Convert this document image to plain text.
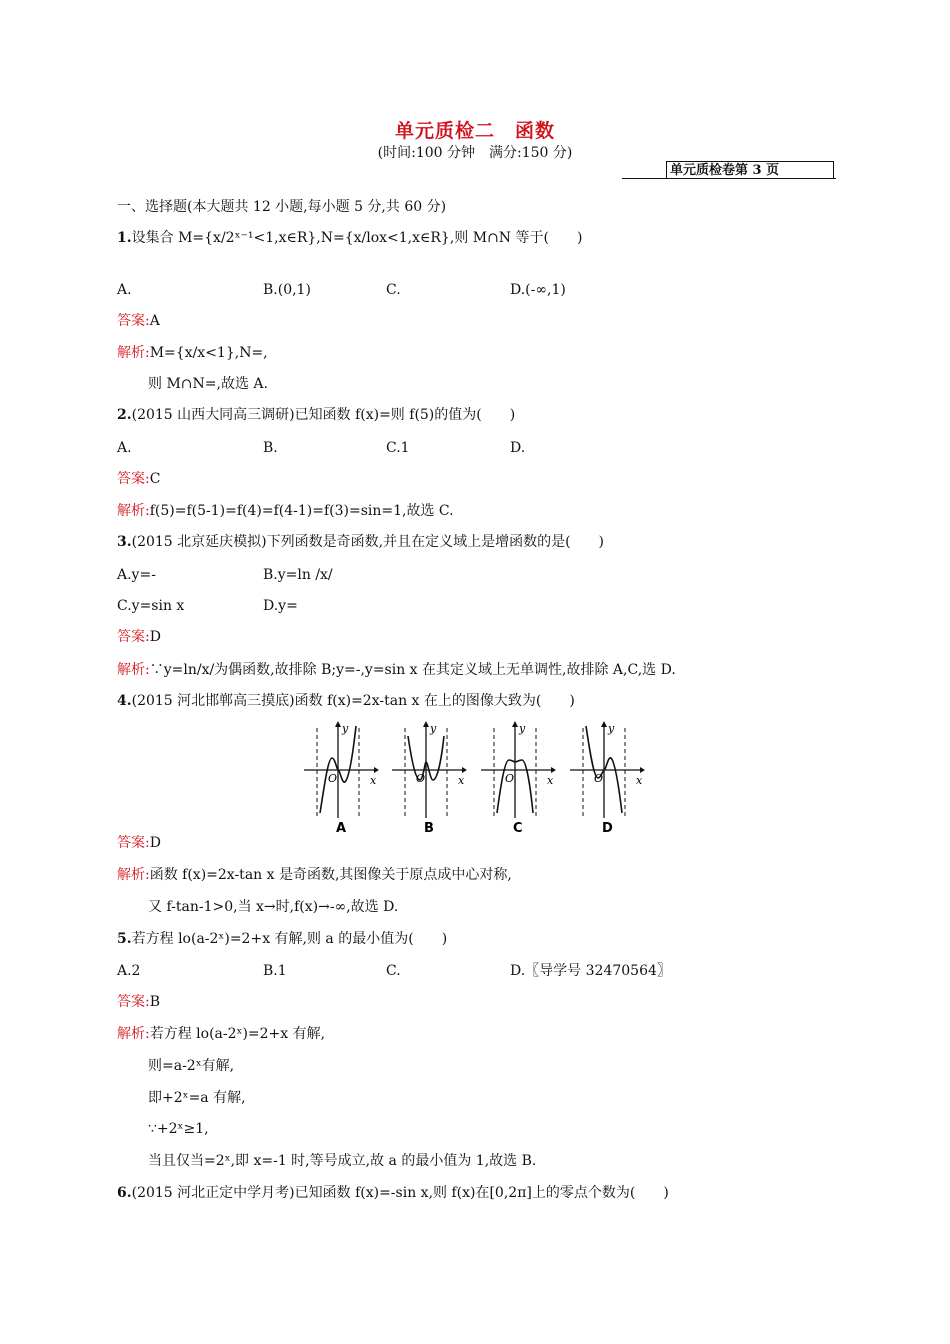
单元质检二　函数
(时间:100 分钟　满分:150 分)
单元质检卷第 3 页
一、选择题(本大题共 12 小题,每小题 5 分,共 60 分)
1.设集合 M={x/2ˣ⁻¹<1,x∈R},N={x/lox<1,x∈R},则 M∩N 等于(　　)
A.	B.(0,1)	C.	D.(-∞,1)
答案:A
解析:M={x/x<1},N=,
则 M∩N=,故选 A.
2.(2015 山西大同高三调研)已知函数 f(x)=则 f(5)的值为(　　)
A.	B.	C.1	D.
答案:C
解析:f(5)=f(5-1)=f(4)=f(4-1)=f(3)=sin=1,故选 C.
3.(2015 北京延庆模拟)下列函数是奇函数,并且在定义域上是增函数的是(　　)
A.y=-	B.y=ln /x/
C.y=sin x	D.y=
答案:D
解析:∵y=ln/x/为偶函数,故排除 B;y=-,y=sin x 在其定义域上无单调性,故排除 A,C,选 D.
4.(2015 河北邯郸高三摸底)函数 f(x)=2x-tan x 在上的图像大致为(　　)
O
y
x
A
O
y
x
B
O
y
x
C
O
y
x
D
答案:D
解析:函数 f(x)=2x-tan x 是奇函数,其图像关于原点成中心对称,
又 f-tan-1>0,当 x→时,f(x)→-∞,故选 D.
5.若方程 lo(a-2ˣ)=2+x 有解,则 a 的最小值为(　　)
A.2	B.1	C.	D.〖导学号 32470564〗
答案:B
解析:若方程 lo(a-2ˣ)=2+x 有解,
则=a-2ˣ有解,
即+2ˣ=a 有解,
∵+2ˣ≥1,
当且仅当=2ˣ,即 x=-1 时,等号成立,故 a 的最小值为 1,故选 B.
6.(2015 河北正定中学月考)已知函数 f(x)=-sin x,则 f(x)在[0,2π]上的零点个数为(　　)
